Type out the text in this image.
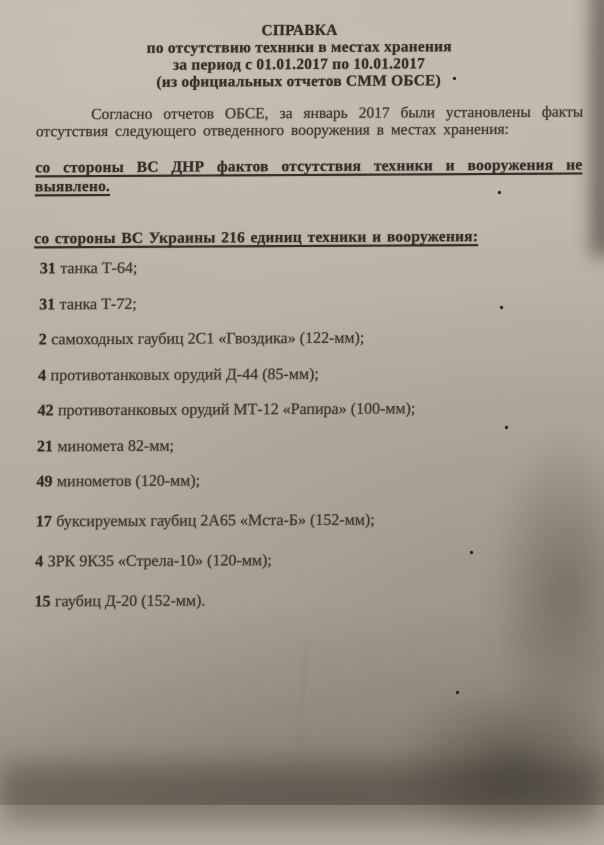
СПРАВКА
по отсутствию техники в местах хранения
за период с 01.01.2017 по 10.01.2017
(из официальных отчетов СММ ОБСЕ)

Согласно отчетов ОБСЕ, за январь 2017 были установлены факты отсутствия следующего отведенного вооружения в местах хранения:

со стороны ВС ДНР фактов отсутствия техники и вооружения не выявлено.

со стороны ВС Украины 216 единиц техники и вооружения:

31 танка Т-64;

31 танка Т-72;

2 самоходных гаубиц 2С1 «Гвоздика» (122-мм);

4 противотанковых орудий Д-44 (85-мм);

42 противотанковых орудий МТ-12 «Рапира» (100-мм);

21 миномета 82-мм;

49 минометов (120-мм);

17 буксируемых гаубиц 2А65 «Мста-Б» (152-мм);

4 ЗРК 9К35 «Стрела-10» (120-мм);

15 гаубиц Д-20 (152-мм).
